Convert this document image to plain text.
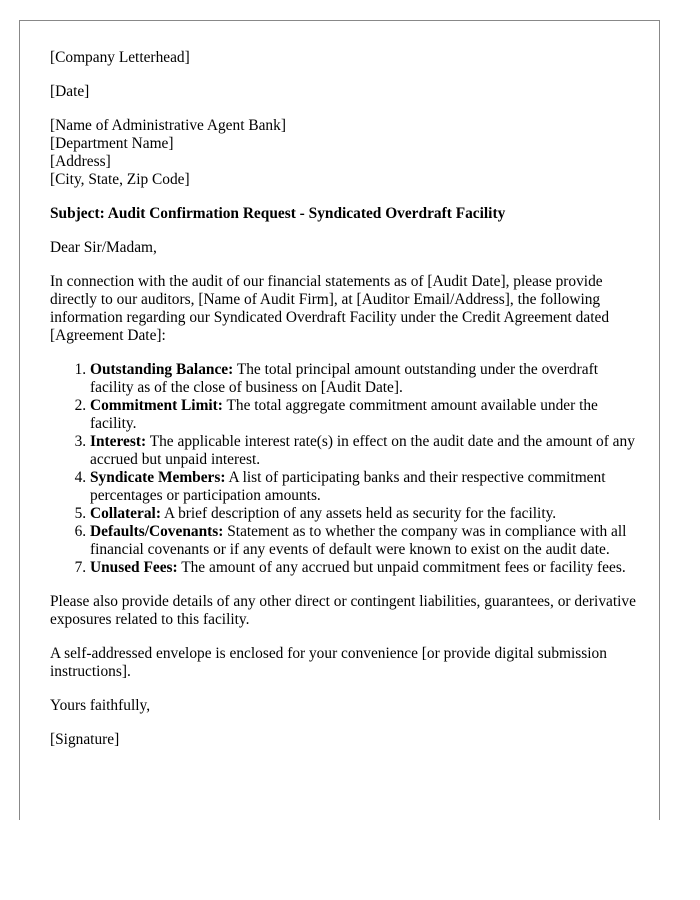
[Company Letterhead]

[Date]

[Name of Administrative Agent Bank]
[Department Name]
[Address]
[City, State, Zip Code]

Subject: Audit Confirmation Request - Syndicated Overdraft Facility

Dear Sir/Madam,

In connection with the audit of our financial statements as of [Audit Date], please provide directly to our auditors, [Name of Audit Firm], at [Auditor Email/Address], the following information regarding our Syndicated Overdraft Facility under the Credit Agreement dated [Agreement Date]:

1. Outstanding Balance: The total principal amount outstanding under the overdraft facility as of the close of business on [Audit Date].
2. Commitment Limit: The total aggregate commitment amount available under the facility.
3. Interest: The applicable interest rate(s) in effect on the audit date and the amount of any accrued but unpaid interest.
4. Syndicate Members: A list of participating banks and their respective commitment percentages or participation amounts.
5. Collateral: A brief description of any assets held as security for the facility.
6. Defaults/Covenants: Statement as to whether the company was in compliance with all financial covenants or if any events of default were known to exist on the audit date.
7. Unused Fees: The amount of any accrued but unpaid commitment fees or facility fees.

Please also provide details of any other direct or contingent liabilities, guarantees, or derivative exposures related to this facility.

A self-addressed envelope is enclosed for your convenience [or provide digital submission instructions].

Yours faithfully,

[Signature]
